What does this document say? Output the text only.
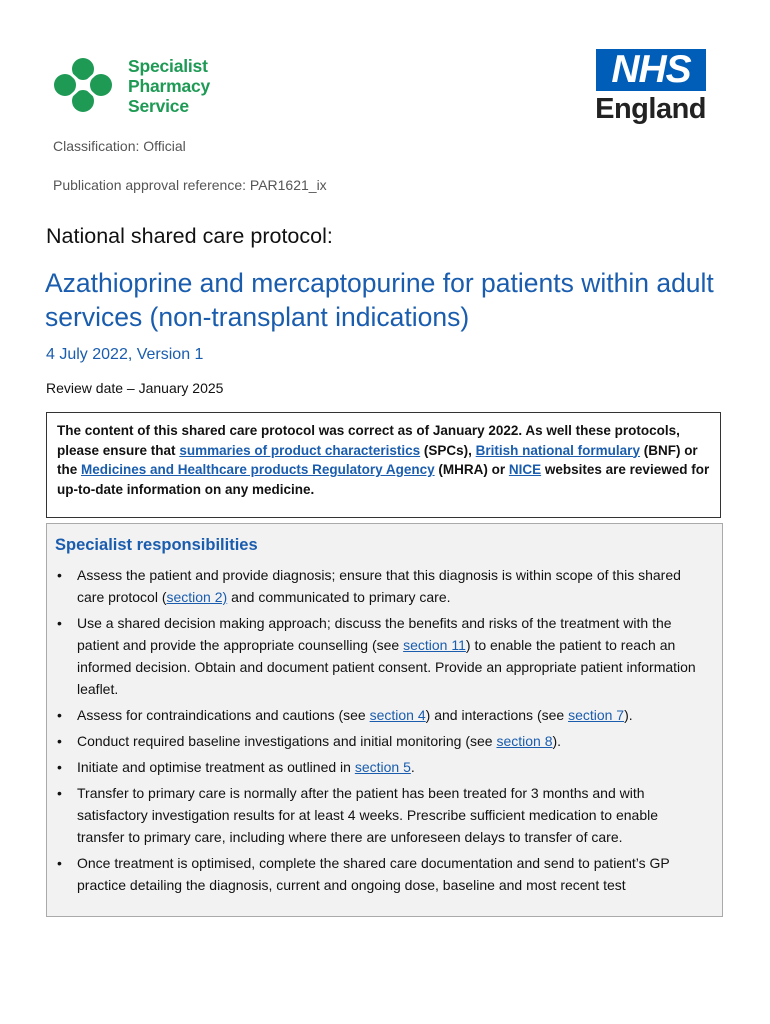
Specialist
Pharmacy
Service
NHS
England
Classification: Official
Publication approval reference: PAR1621_ix
National shared care protocol:
Azathioprine and mercaptopurine for patients within adult services (non-transplant indications)
4 July 2022, Version 1
Review date – January 2025
The content of this shared care protocol was correct as of January 2022. As well these protocols, please ensure that summaries of product characteristics (SPCs), British national formulary (BNF) or the Medicines and Healthcare products Regulatory Agency (MHRA) or NICE websites are reviewed for up-to-date information on any medicine.
Specialist responsibilities
• Assess the patient and provide diagnosis; ensure that this diagnosis is within scope of this shared care protocol (section 2) and communicated to primary care.
• Use a shared decision making approach; discuss the benefits and risks of the treatment with the patient and provide the appropriate counselling (see section 11) to enable the patient to reach an informed decision. Obtain and document patient consent. Provide an appropriate patient information leaflet.
• Assess for contraindications and cautions (see section 4) and interactions (see section 7).
• Conduct required baseline investigations and initial monitoring (see section 8).
• Initiate and optimise treatment as outlined in section 5.
• Transfer to primary care is normally after the patient has been treated for 3 months and with satisfactory investigation results for at least 4 weeks. Prescribe sufficient medication to enable transfer to primary care, including where there are unforeseen delays to transfer of care.
• Once treatment is optimised, complete the shared care documentation and send to patient’s GP practice detailing the diagnosis, current and ongoing dose, baseline and most recent test
